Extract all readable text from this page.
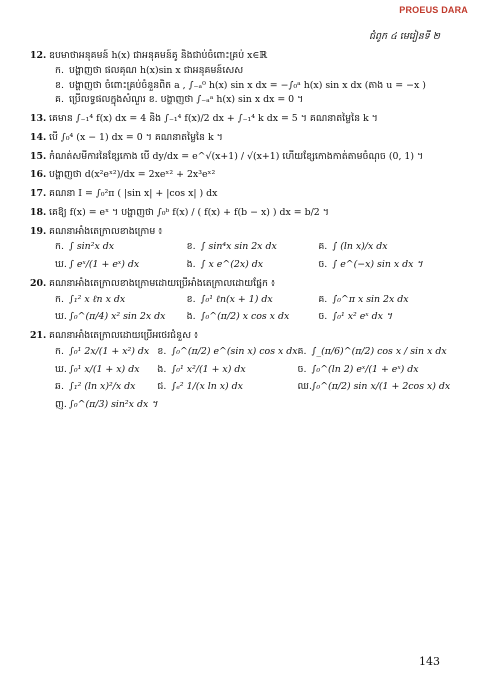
PROEUS DARA
ជំពូក ៤ មេរៀនទី ២
12. ឧបមាថាអនុគមន៍ h(x) ជាអនុគមន៍គូ និងជាប់ចំពោះគ្រប់ x∈ℝ
ក. បង្ហាញថា ផលគុណ h(x)sin x ជាអនុគមន៍សេស
ខ. បង្ហាញថា ចំពោះគ្រប់ចំនួនពិត a , ∫₋ₐ⁰ h(x) sin x dx = −∫₀ᵃ h(x) sin x dx (តាង u = −x )
គ. ប្រើលទ្ធផលក្នុងសំណួរ ខ. បង្ហាញថា ∫₋ₐᵃ h(x) sin x dx = 0 ។
13. គេមាន ∫₋₁⁴ f(x) dx = 4 និង ∫₋₁⁴ f(x)/2 dx + ∫₋₁⁴ k dx = 5 ។ គណនាតម្លៃនៃ k ។
14. បើ ∫₀⁴ (x − 1) dx = 0 ។ គណនាតម្លៃនៃ k ។
15. កំណត់សមីការនៃខ្សែកោង បើ dy/dx = e^√(x+1) / √(x+1) ហើយខ្សែកោងកាត់តាមចំណុច (0, 1) ។
16. បង្ហាញថា d(x²eˣ²)/dx = 2xeˣ² + 2x³eˣ²
17. គណនា I = ∫₀²π ( |sin x| + |cos x| ) dx
18. គេឱ្យ f(x) = eˣ ។ បង្ហាញថា ∫₀ᵇ f(x) / ( f(x) + f(b − x) ) dx = b/2 ។
19. គណនាអាំងតេក្រាលខាងក្រោម ៖
ក. ∫ sin²x dx	ខ. ∫ sin⁴x sin 2x dx	គ. ∫ (ln x)/x dx
ឃ. ∫ eˣ/(1 + eˣ) dx	ង. ∫ x e^(2x) dx	ច. ∫ e^(−x) sin x dx ។
20. គណនាអាំងតេក្រាលខាងក្រោមដោយប្រើអាំងតេក្រាលដោយផ្នែក ៖
ក. ∫₁² x ℓn x dx	ខ. ∫₀¹ ℓn(x + 1) dx	គ. ∫₀^π x sin 2x dx
ឃ. ∫₀^(π/4) x² sin 2x dx	ង. ∫₀^(π/2) x cos x dx	ច. ∫₀¹ x² eˣ dx ។
21. គណនាអាំងតេក្រាលដោយប្រើអថេរជំនួស ៖
ក. ∫₀¹ 2x/(1 + x²) dx ខ. ∫₀^(π/2) e^(sin x) cos x dx គ. ∫_(π/6)^(π/2) cos x / sin x dx
ឃ. ∫₀¹ x/(1 + x) dx	ង. ∫₀¹ x²/(1 + x) dx	ច. ∫₀^(ln 2) eˣ/(1 + eˣ) dx
ឆ. ∫₁² (ln x)²/x dx	ជ. ∫ₑ² 1/(x ln x) dx	ឈ.∫₀^(π/2) sin x/(1 + 2cos x) dx
ញ. ∫₀^(π/3) sin²x dx ។
143
